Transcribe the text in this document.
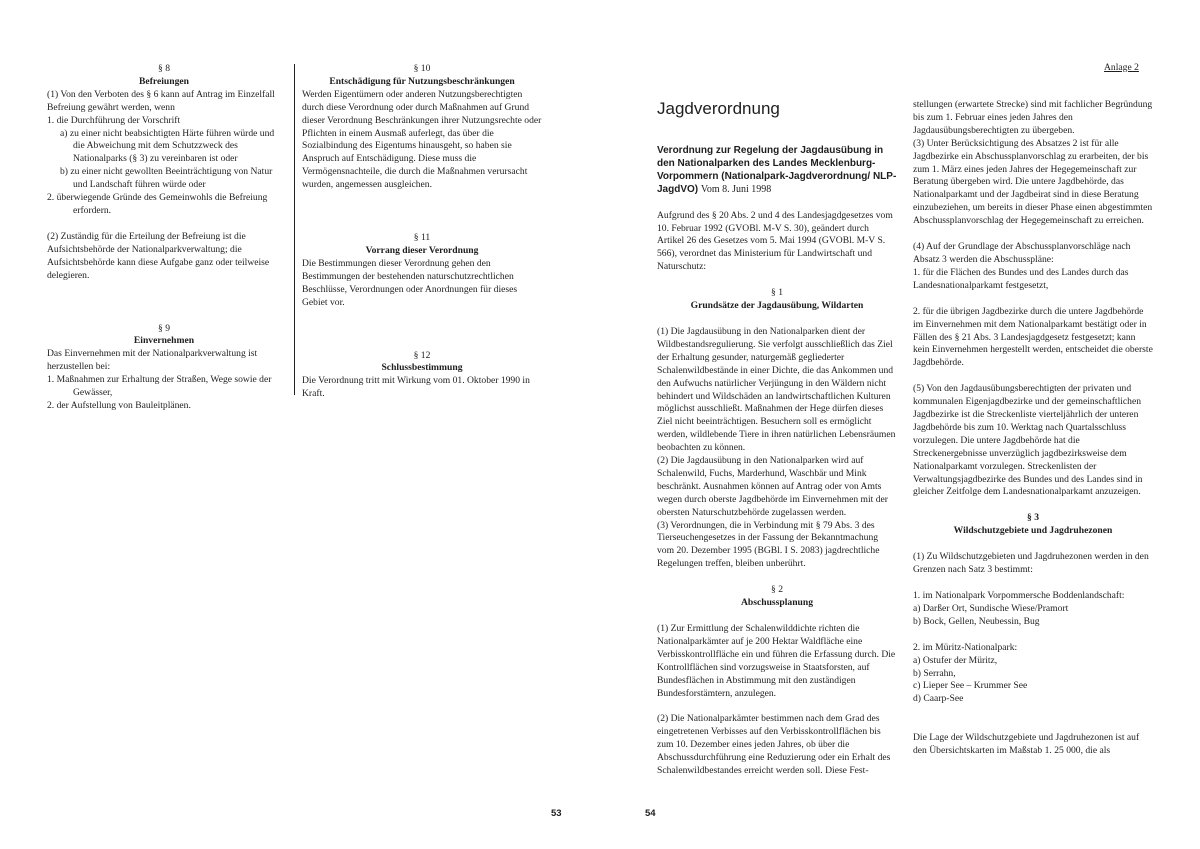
§ 8

Befreiungen

(1) Von den Verboten des § 6 kann auf Antrag im Einzelfall Befreiung gewährt werden, wenn

1. die Durchführung der Vorschrift

a) zu einer nicht beabsichtigten Härte führen würde und die Abweichung mit dem Schutzzweck des Nationalparks (§ 3) zu vereinbaren ist oder

b) zu einer nicht gewollten Beeinträchtigung von Natur und Landschaft führen würde oder

2. überwiegende Gründe des Gemeinwohls die Befreiung erfordern.

(2) Zuständig für die Erteilung der Befreiung ist die Aufsichtsbehörde der Nationalparkverwaltung; die Aufsichtsbehörde kann diese Aufgabe ganz oder teilweise delegieren.

§ 9

Einvernehmen

Das Einvernehmen mit der Nationalparkverwaltung ist herzustellen bei:

1. Maßnahmen zur Erhaltung der Straßen, Wege sowie der Gewässer,

2. der Aufstellung von Bauleitplänen.

§ 10

Entschädigung für Nutzungsbeschränkungen

Werden Eigentümern oder anderen Nutzungsberechtigten durch diese Verordnung oder durch Maßnahmen auf Grund dieser Verordnung Beschränkungen ihrer Nutzungsrechte oder Pflichten in einem Ausmaß auferlegt, das über die Sozialbindung des Eigentums hinausgeht, so haben sie Anspruch auf Entschädigung. Diese muss die Vermögensnachteile, die durch die Maßnahmen verursacht wurden, angemessen ausgleichen.

§ 11

Vorrang dieser Verordnung

Die Bestimmungen dieser Verordnung gehen den Bestimmungen der bestehenden naturschutzrechtlichen Beschlüsse, Verordnungen oder Anordnungen für dieses Gebiet vor.

§ 12

Schlussbestimmung

Die Verordnung tritt mit Wirkung vom 01. Oktober 1990 in Kraft.

53	54
Anlage 2
Jagdverordnung

Verordnung zur Regelung der Jagdausübung in den Nationalparken des Landes Mecklenburg-Vorpommern (Nationalpark-Jagdverordnung/ NLP-JagdVO) Vom 8. Juni 1998

Aufgrund des § 20 Abs. 2 und 4 des Landesjagdgesetzes vom 10. Februar 1992 (GVOBl. M-V S. 30), geändert durch Artikel 26 des Gesetzes vom 5. Mai 1994 (GVOBl. M-V S. 566), verordnet das Ministerium für Landwirtschaft und Naturschutz:

§ 1

Grundsätze der Jagdausübung, Wildarten

(1) Die Jagdausübung in den Nationalparken dient der Wildbestandsregulierung. Sie verfolgt ausschließlich das Ziel der Erhaltung gesunder, naturgemäß gegliederter Schalenwildbestände in einer Dichte, die das Ankommen und den Aufwuchs natürlicher Verjüngung in den Wäldern nicht behindert und Wildschäden an landwirtschaftlichen Kulturen möglichst ausschließt. Maßnahmen der Hege dürfen dieses Ziel nicht beeinträchtigen. Besuchern soll es ermöglicht werden, wildlebende Tiere in ihren natürlichen Lebensräumen beobachten zu können.

(2) Die Jagdausübung in den Nationalparken wird auf Schalenwild, Fuchs, Marderhund, Waschbär und Mink beschränkt. Ausnahmen können auf Antrag oder von Amts wegen durch oberste Jagdbehörde im Einvernehmen mit der obersten Naturschutzbehörde zugelassen werden.

(3) Verordnungen, die in Verbindung mit § 79 Abs. 3 des Tierseuchengesetzes in der Fassung der Bekanntmachung vom 20. Dezember 1995 (BGBl. I S. 2083) jagdrechtliche Regelungen treffen, bleiben unberührt.

§ 2

Abschussplanung

(1) Zur Ermittlung der Schalenwilddichte richten die Nationalparkämter auf je 200 Hektar Waldfläche eine Verbisskontrollfläche ein und führen die Erfassung durch. Die Kontrollflächen sind vorzugsweise in Staatsforsten, auf Bundesflächen in Abstimmung mit den zuständigen Bundesforstämtern, anzulegen.

(2) Die Nationalparkämter bestimmen nach dem Grad des eingetretenen Verbisses auf den Verbisskontrollflächen bis zum 10. Dezember eines jeden Jahres, ob über die Abschussdurchführung eine Reduzierung oder ein Erhalt des Schalenwildbestandes erreicht werden soll. Diese Fest-

stellungen (erwartete Strecke) sind mit fachlicher Begründung bis zum 1. Februar eines jeden Jahres den Jagdausübungsberechtigten zu übergeben.

(3) Unter Berücksichtigung des Absatzes 2 ist für alle Jagdbezirke ein Abschussplanvorschlag zu erarbeiten, der bis zum 1. März eines jeden Jahres der Hegegemeinschaft zur Beratung übergeben wird. Die untere Jagdbehörde, das Nationalparkamt und der Jagdbeirat sind in diese Beratung einzubeziehen, um bereits in dieser Phase einen abgestimmten Abschussplanvorschlag der Hegegemeinschaft zu erreichen.

(4) Auf der Grundlage der Abschussplanvorschläge nach Absatz 3 werden die Abschusspläne:

1. für die Flächen des Bundes und des Landes durch das Landesnationalparkamt festgesetzt,

2. für die übrigen Jagdbezirke durch die untere Jagdbehörde im Einvernehmen mit dem Nationalparkamt bestätigt oder in Fällen des § 21 Abs. 3 Landesjagdgesetz festgesetzt; kann kein Einvernehmen hergestellt werden, entscheidet die oberste Jagdbehörde.

(5) Von den Jagdausübungsberechtigten der privaten und kommunalen Eigenjagdbezirke und der gemeinschaftlichen Jagdbezirke ist die Streckenliste vierteljährlich der unteren Jagdbehörde bis zum 10. Werktag nach Quartalsschluss vorzulegen. Die untere Jagdbehörde hat die Streckenergebnisse unverzüglich jagdbezirksweise dem Nationalparkamt vorzulegen. Streckenlisten der Verwaltungsjagdbezirke des Bundes und des Landes sind in gleicher Zeitfolge dem Landesnationalparkamt anzuzeigen.

§ 3

Wildschutzgebiete und Jagdruhezonen

(1) Zu Wildschutzgebieten und Jagdruhezonen werden in den Grenzen nach Satz 3 bestimmt:

1. im Nationalpark Vorpommersche Boddenlandschaft:

a) Darßer Ort, Sundische Wiese/Pramort

b) Bock, Gellen, Neubessin, Bug

2. im Müritz-Nationalpark:

a) Ostufer der Müritz,

b) Serrahn,

c) Lieper See – Krummer See

d) Caarp-See

Die Lage der Wildschutzgebiete und Jagdruhezonen ist auf den Übersichtskarten im Maßstab 1. 25 000, die als
